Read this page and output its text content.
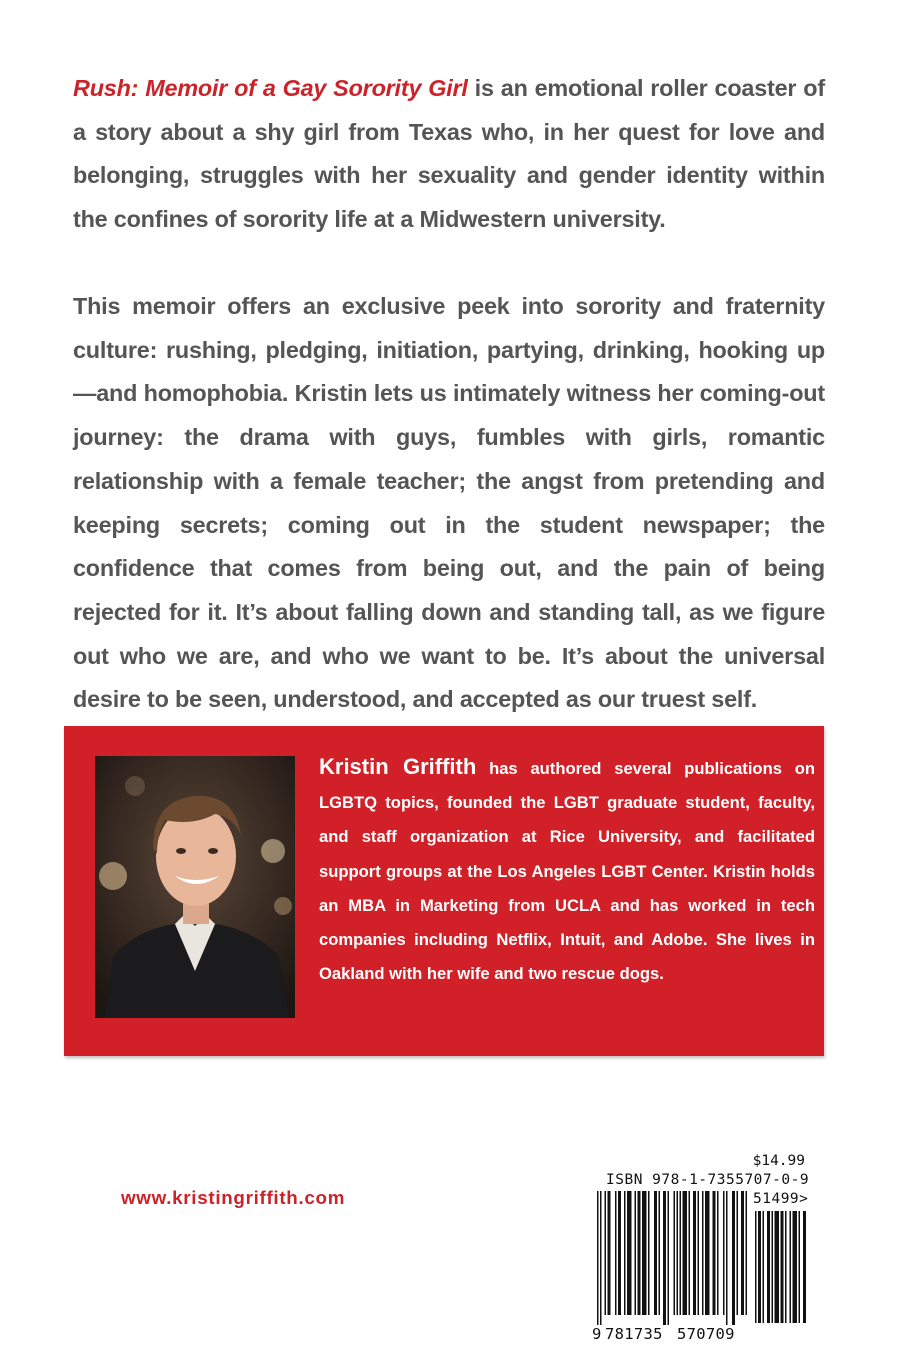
Rush: Memoir of a Gay Sorority Girl is an emotional roller coaster of a story about a shy girl from Texas who, in her quest for love and belonging, struggles with her sexuality and gender identity within the confines of sorority life at a Midwestern university.

This memoir offers an exclusive peek into sorority and fraternity culture: rushing, pledging, initiation, partying, drinking, hooking up—and homophobia. Kristin lets us intimately witness her coming-out journey: the drama with guys, fumbles with girls, romantic relationship with a female teacher; the angst from pretending and keeping secrets; coming out in the student newspaper; the confidence that comes from being out, and the pain of being rejected for it. It’s about falling down and standing tall, as we figure out who we are, and who we want to be. It’s about the universal desire to be seen, understood, and accepted as our truest self.

Kristin Griffith has authored several publications on LGBTQ topics, founded the LGBT graduate student, faculty, and staff organization at Rice University, and facilitated support groups at the Los Angeles LGBT Center. Kristin holds an MBA in Marketing from UCLA and has worked in tech companies including Netflix, Intuit, and Adobe. She lives in Oakland with her wife and two rescue dogs.

www.kristingriffith.com

$14.99
ISBN 978-1-7355707-0-9
51499>
9 781735 570709
